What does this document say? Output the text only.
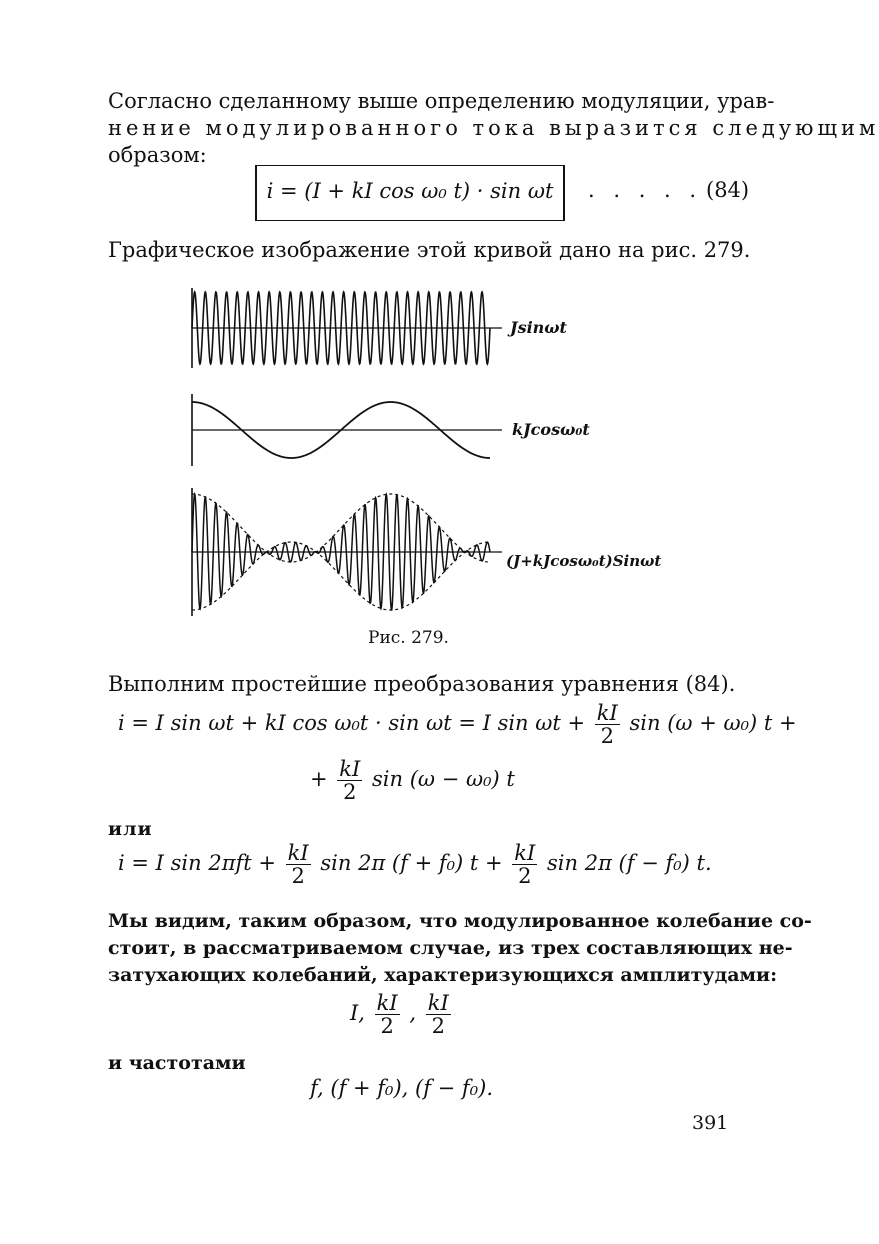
Согласно сделанному выше определению модуляции, урав-
нение модулированного тока выразится следующим
образом:
i = (I + kI cos ω₀ t) · sin ωt	. . . . . (84)
Графическое изображение этой кривой дано на рис. 279.
Jsinωt
kJcosω₀t
(J+kJcosω₀t)Sinωt
Рис. 279.
Выполним простейшие преобразования уравнения (84).
i = I sin ωt + kI cos ω₀t · sin ωt = I $\sin \omega t + \frac{kI}{2}$ sin (ω + ω₀) t +
+ $\frac{kI}{2}$ sin (ω − ω₀) t
или
i = I $\sin 2\pi ft + \frac{kI}{2}$ sin 2π (f + f₀) $t + \frac{kI}{2}$ sin 2π (f − f₀) t.
Мы видим, таким образом, что модулированное колебание со-
стоит, в рассматриваемом случае, из трех составляющих не-
затухающих колебаний, характеризующихся амплитудами:
I, $\frac{kI}{2}$ , $\frac{kI}{2}$
и частотами
f, (f + f₀), (f − f₀).
391
